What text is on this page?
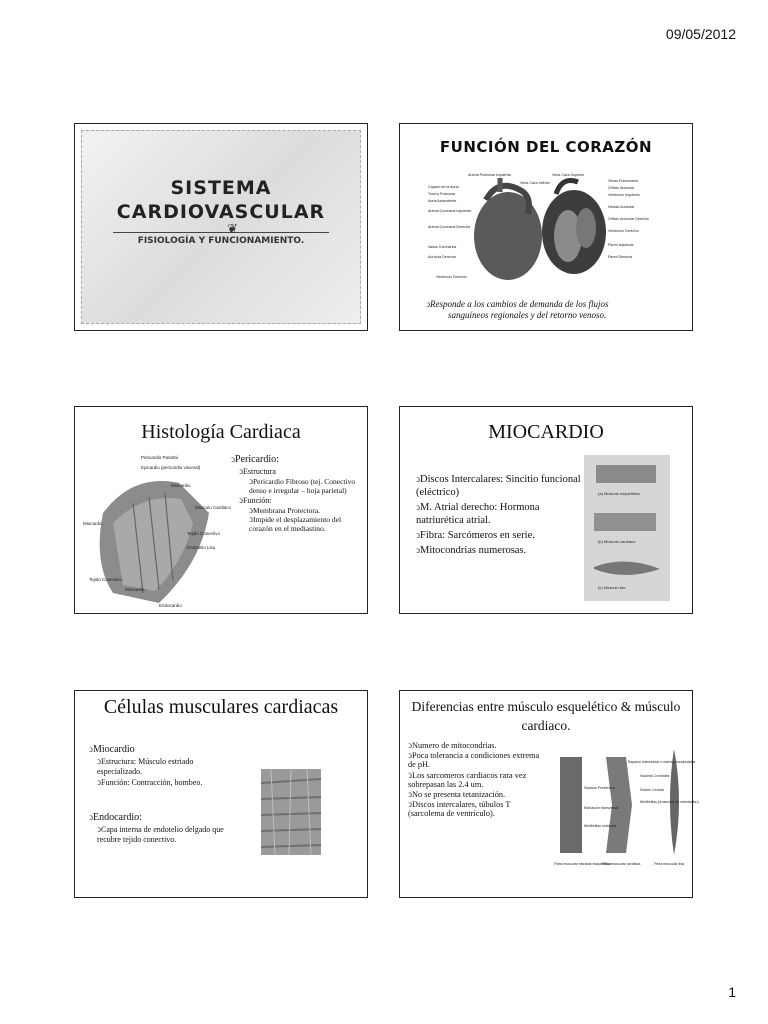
09/05/2012
SISTEMA
CARDIOVASCULAR
❦
FISIOLOGÍA Y FUNCIONAMIENTO.
FUNCIÓN DEL CORAZÓN
Cayado de la Aorta
Tronco Pulmonar
Aorta Ascendente
Arteria Coronaria Izquierda
Arteria Coronaria Derecha
Vasos Coronarios
Aurícula Derecha
Ventrículo Derecho
Arteria Pulmonar Izquierda
Vena Cava Inferior
Vena Cava Superior
Venas Pulmonares
Orificio Auricular
Ventrículo Izquierdo
Nódulo Auricular
Orificio Auricular Derecho
Ventrículo Derecho
Pared Izquierda
Pared Derecha
ↄResponde a los cambios de demanda de los flujos
sanguíneos regionales y del retorno venoso.
Histología Cardiaca
Pericardio Parietal
Epicardio (pericardio visceral)
Miocardio
Músculo Cardiaco
Tejido Conectivo
Endotelio Liso
Miocardio
Tejido Conectivo
Miocardio
Endocardio
ↄPericardio:
ↄEstructura
ↄPericardio Fibroso (tej. Conectivo denso e irregular – hoja parietal)
ↄFunción:
ↄMembrana Protectora.
ↄImpide el desplazamiento del corazón en el mediastino.
MIOCARDIO
ↄDiscos Intercalares: Sincitio funcional (eléctrico)
ↄM. Atrial derecho: Hormona natriurética atrial.
ↄFibra: Sarcómeros en serie.
ↄMitocondrias numerosas.
(a) Músculo esquelético
(b) Músculo cardíaco
(c) Músculo liso
Células musculares cardiacas
ↄMiocardio
ↄEstructura: Músculo estriado especializado.
ↄFunción: Contracción, bombeo.
ↄEndocardio:
ↄCapa interna de endotelio delgado que recubre tejido conectivo.
Diferencias entre músculo esquelético & músculo cardiaco.
ↄNumero de mitocondrias.
ↄPoca tolerancia a condiciones extrema de pH.
ↄLos sarcomeros cardiacos rara vez sobrepasan las 2.4 um.
ↄNo se presenta tetanización.
ↄDiscos intercalares, túbulos T (sarcolema de ventrículo).
Espacio intercelular o estrías escalonadas
Núcleos Centrales
Núcleo Central
Miofibrillas (Ausencia de orientación)
Núcleos Periféricos
Estriación transversal
Miofibrillas estriadas
Fibra muscular estriada esquelética
Fibra muscular cardiaca	Fibra muscular lisa
1
